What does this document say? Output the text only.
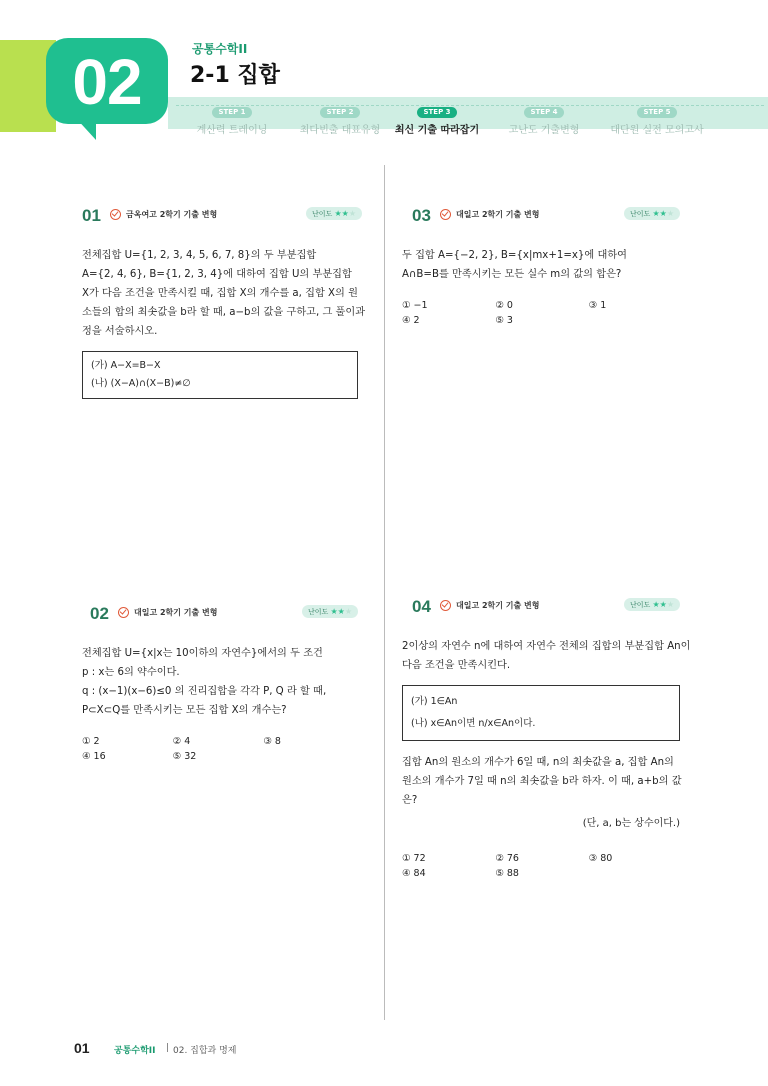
02	공통수학II
2-1 집합
STEP 1
계산력 트레이닝
STEP 2
최다빈출 대표유형
STEP 3
최신 기출 따라잡기
STEP 4
고난도 기출변형
STEP 5
대단원 실전 모의고사
01	금옥여고 2학기 기출 변형	난이도 ★★★
전체집합 U={1, 2, 3, 4, 5, 6, 7, 8}의 두 부분집합
A={2, 4, 6}, B={1, 2, 3, 4}에 대하여 집합 U의 부분집합
X가 다음 조건을 만족시킬 때, 집합 X의 개수를 a, 집합 X의 원
소들의 합의 최솟값을 b라 할 때, a−b의 값을 구하고, 그 풀이과
정을 서술하시오.
(가) A−X=B−X
(나) (X−A)∩(X−B)≠∅
02	대일고 2학기 기출 변형	난이도 ★★★
전체집합 U={x|x는 10이하의 자연수}에서의 두 조건
p : x는 6의 약수이다.
q : (x−1)(x−6)≤0 의 진리집합을 각각 P, Q 라 할 때,
P⊂X⊂Q를 만족시키는 모든 집합 X의 개수는?
① 2	② 4	③ 8
④ 16	⑤ 32
03	대일고 2학기 기출 변형	난이도 ★★★
두 집합 A={−2, 2}, B={x|mx+1=x}에 대하여
A∩B=B를 만족시키는 모든 실수 m의 값의 합은?
① −1	② 0	③ 1
④ 2	⑤ 3
04	대일고 2학기 기출 변형	난이도 ★★★
2이상의 자연수 n에 대하여 자연수 전체의 집합의 부분집합 An이
다음 조건을 만족시킨다.
(가) 1∈An
(나) x∈An이면 n/x∈An이다.
집합 An의 원소의 개수가 6일 때, n의 최솟값을 a, 집합 An의
원소의 개수가 7일 때 n의 최솟값을 b라 하자. 이 때, a+b의 값
은?
(단, a, b는 상수이다.)
① 72	② 76	③ 80
④ 84	⑤ 88
01	공통수학II | 02. 집합과 명제
